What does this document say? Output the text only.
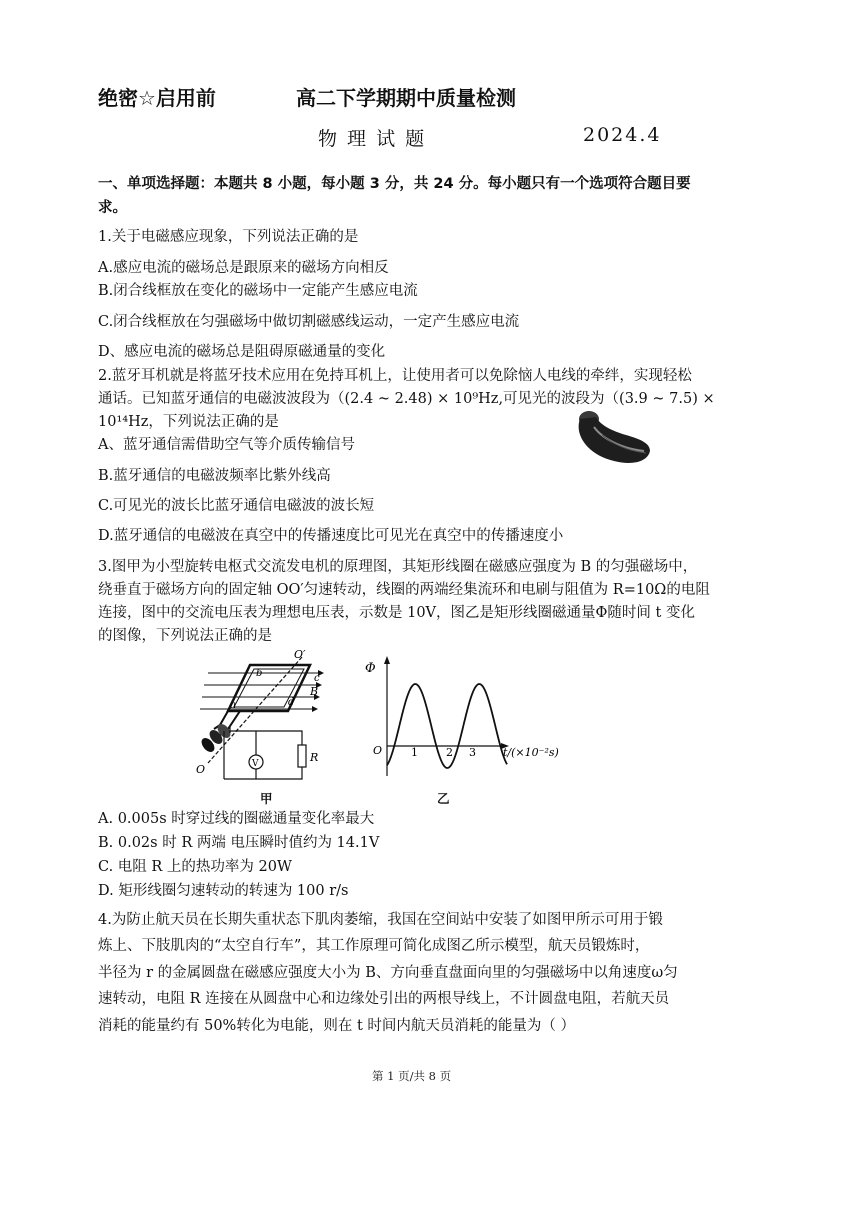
绝密☆启用前	高二下学期期中质量检测
物 理 试 题	2024.4
一、单项选择题：本题共 8 小题，每小题 3 分，共 24 分。每小题只有一个选项符合题目要
求。
1.关于电磁感应现象，下列说法正确的是
A.感应电流的磁场总是跟原来的磁场方向相反
B.闭合线框放在变化的磁场中一定能产生感应电流
C.闭合线框放在匀强磁场中做切割磁感线运动，一定产生感应电流
D、感应电流的磁场总是阻碍原磁通量的变化
2.蓝牙耳机就是将蓝牙技术应用在免持耳机上，让使用者可以免除恼人电线的牵绊，实现轻松
通话。已知蓝牙通信的电磁波波段为（(2.4 ~ 2.48) × 10⁹Hz,可见光的波段为（(3.9 ~ 7.5) ×
10¹⁴Hz，下列说法正确的是
A、蓝牙通信需借助空气等介质传输信号
B.蓝牙通信的电磁波频率比紫外线高
C.可见光的波长比蓝牙通信电磁波的波长短
D.蓝牙通信的电磁波在真空中的传播速度比可见光在真空中的传播速度小
3.图甲为小型旋转电枢式交流发电机的原理图，其矩形线圈在磁感应强度为 B 的匀强磁场中，
绕垂直于磁场方向的固定轴 OO′匀速转动，线圈的两端经集流环和电刷与阻值为 R=10Ω的电阻
连接，图中的交流电压表为理想电压表，示数是 10V，图乙是矩形线圈磁通量Φ随时间 t 变化
的图像，下列说法正确的是
O′
O
a
b	c
d
B
V	R
甲
Φ
O	1	2 3 t/(×10⁻²s)
乙
A. 0.005s 时穿过线的圈磁通量变化率最大
B. 0.02s 时 R 两端 电压瞬时值约为 14.1V
C. 电阻 R 上的热功率为 20W
D. 矩形线圈匀速转动的转速为 100 r/s
4.为防止航天员在长期失重状态下肌肉萎缩，我国在空间站中安装了如图甲所示可用于锻
炼上、下肢肌肉的“太空自行车”，其工作原理可简化成图乙所示模型，航天员锻炼时，
半径为 r 的金属圆盘在磁感应强度大小为 B、方向垂直盘面向里的匀强磁场中以角速度ω匀
速转动，电阻 R 连接在从圆盘中心和边缘处引出的两根导线上，不计圆盘电阻，若航天员
消耗的能量约有 50%转化为电能，则在 t 时间内航天员消耗的能量为（ ）
第 1 页/共 8 页
